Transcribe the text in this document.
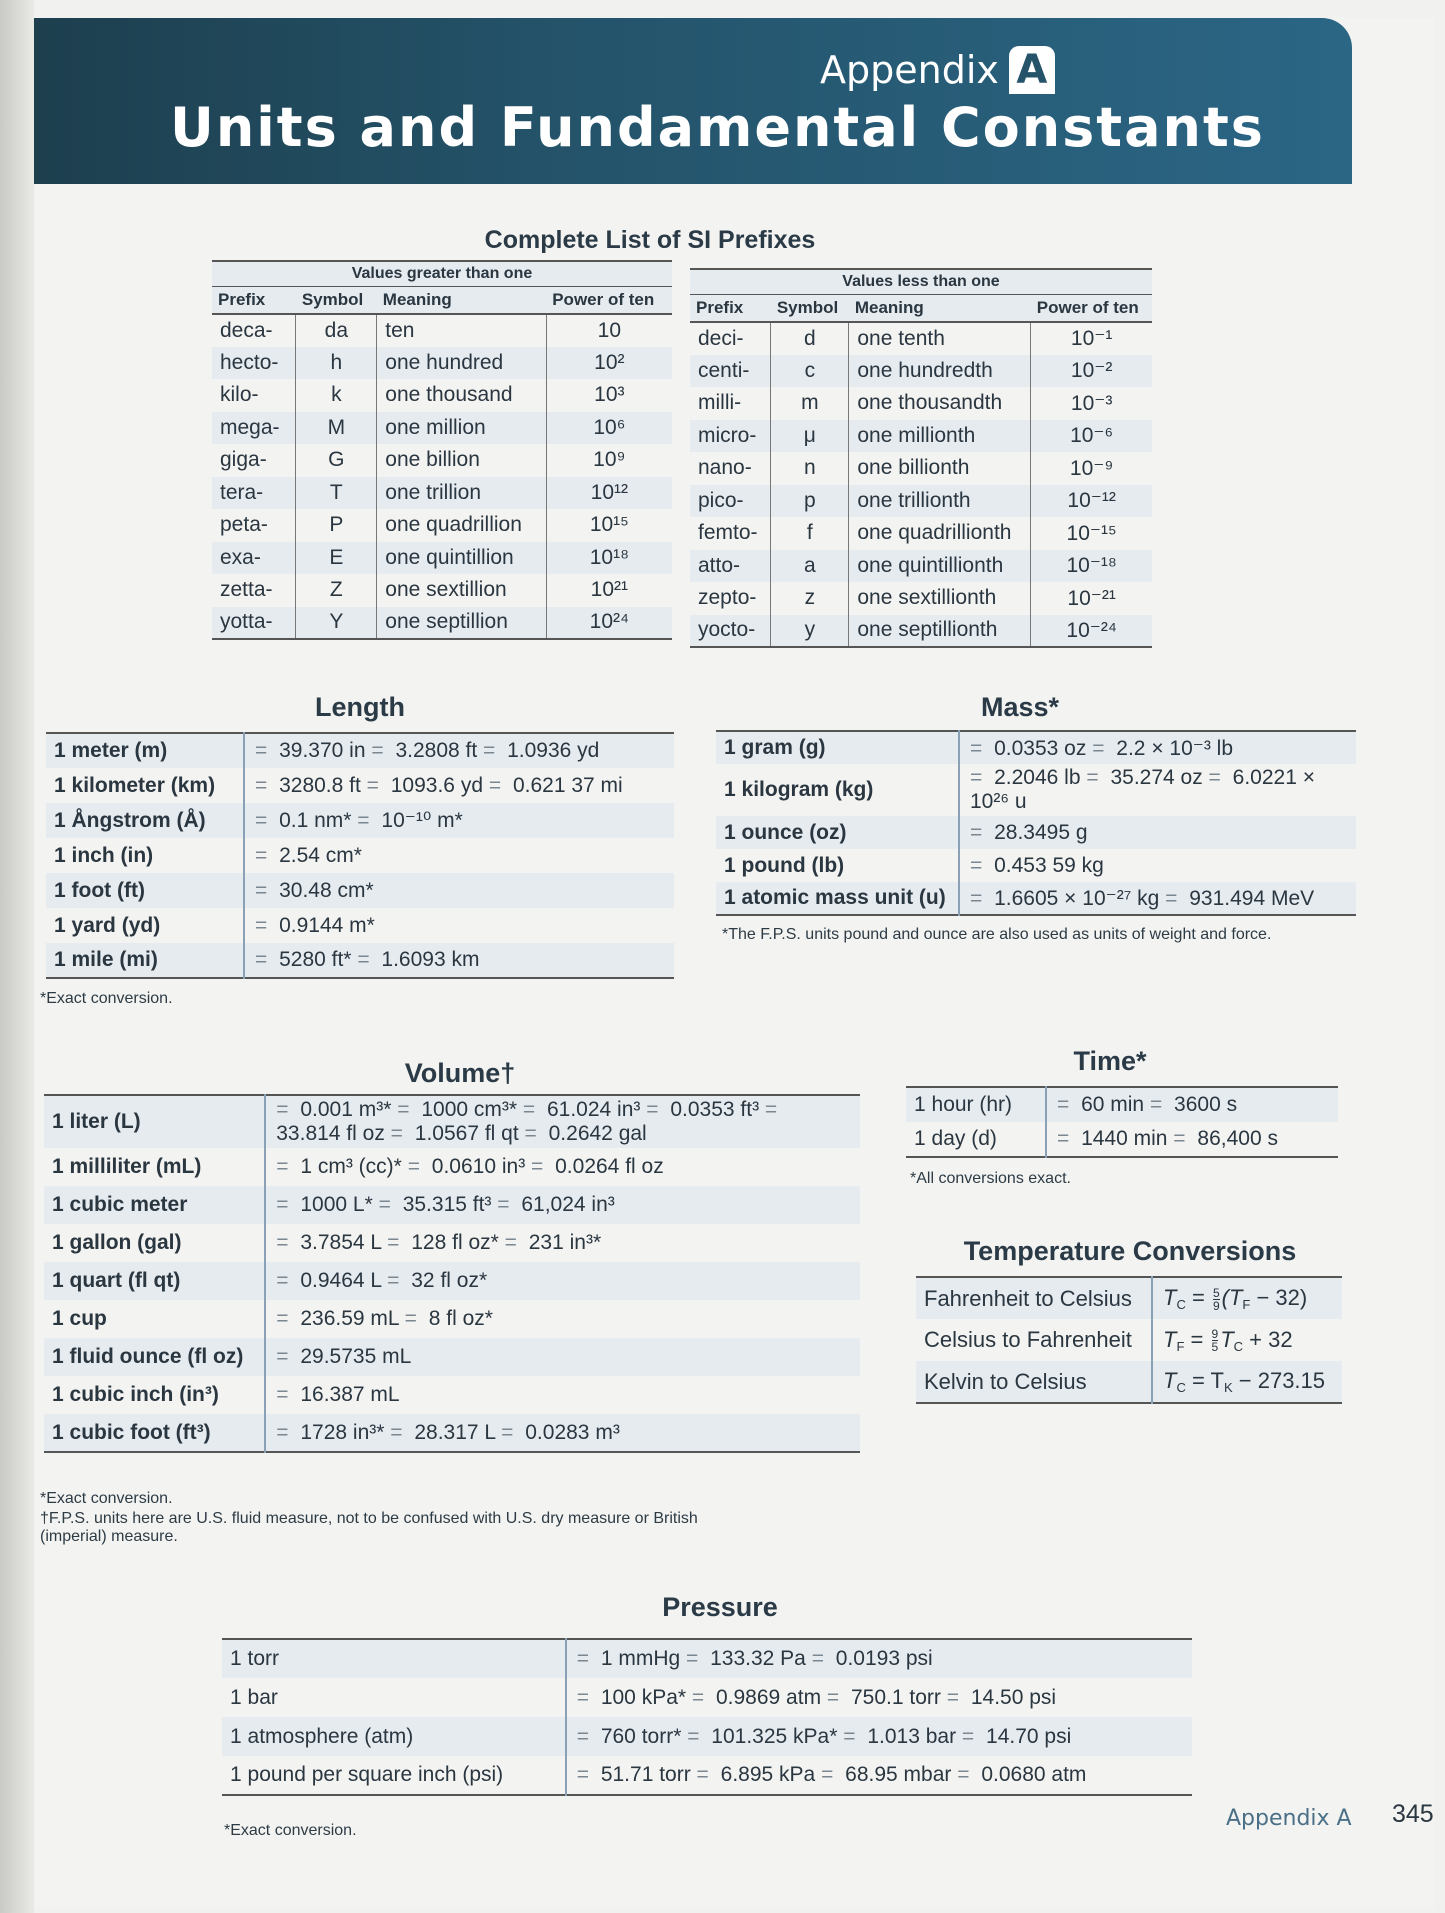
Appendix A
Units and Fundamental Constants
Complete List of SI Prefixes
Values greater than one			
Prefix	Symbol	Meaning	Power of ten
deca-	da	ten	10
hecto-	h	one hundred	10²
kilo-	k	one thousand	10³
mega-	M	one million	10⁶
giga-	G	one billion	10⁹
tera-	T	one trillion	10¹²
peta-	P	one quadrillion	10¹⁵
exa-	E	one quintillion	10¹⁸
zetta-	Z	one sextillion	10²¹
yotta-	Y	one septillion	10²⁴
Values less than one			
Prefix	Symbol	Meaning	Power of ten
deci-	d	one tenth	10⁻¹
centi-	c	one hundredth	10⁻²
milli-	m	one thousandth	10⁻³
micro-	μ	one millionth	10⁻⁶
nano-	n	one billionth	10⁻⁹
pico-	p	one trillionth	10⁻¹²
femto-	f	one quadrillionth	10⁻¹⁵
atto-	a	one quintillionth	10⁻¹⁸
zepto-	z	one sextillionth	10⁻²¹
yocto-	y	one septillionth	10⁻²⁴
Length
1 meter (m)	= 39.370 in = 3.2808 ft = 1.0936 yd
1 kilometer (km)	= 3280.8 ft = 1093.6 yd = 0.621 37 mi
1 Ångstrom (Å)	= 0.1 nm* = 10⁻¹⁰ m*
1 inch (in)	= 2.54 cm*
1 foot (ft)	= 30.48 cm*
1 yard (yd)	= 0.9144 m*
1 mile (mi)	= 5280 ft* = 1.6093 km
*Exact conversion.
Mass*
1 gram (g)	= 0.0353 oz = 2.2 × 10⁻³ lb
1 kilogram (kg)	= 2.2046 lb = 35.274 oz = 6.0221 × 10²⁶ u
1 ounce (oz)	= 28.3495 g
1 pound (lb)	= 0.453 59 kg
1 atomic mass unit (u)	= 1.6605 × 10⁻²⁷ kg = 931.494 MeV
*The F.P.S. units pound and ounce are also used as units of weight and force.
Volume†
1 liter (L)	= 0.001 m³* = 1000 cm³* = 61.024 in³ = 0.0353 ft³ = 33.814 fl oz = 1.0567 fl qt = 0.2642 gal
1 milliliter (mL)	= 1 cm³ (cc)* = 0.0610 in³ = 0.0264 fl oz
1 cubic meter	= 1000 L* = 35.315 ft³ = 61,024 in³
1 gallon (gal)	= 3.7854 L = 128 fl oz* = 231 in³*
1 quart (fl qt)	= 0.9464 L = 32 fl oz*
1 cup	= 236.59 mL = 8 fl oz*
1 fluid ounce (fl oz)	= 29.5735 mL
1 cubic inch (in³)	= 16.387 mL
1 cubic foot (ft³)	= 1728 in³* = 28.317 L = 0.0283 m³
*Exact conversion.
†F.P.S. units here are U.S. fluid measure, not to be confused with U.S. dry measure or British (imperial) measure.
Time*
1 hour (hr)	= 60 min = 3600 s
1 day (d)	= 1440 min = 86,400 s
*All conversions exact.
Temperature Conversions
Fahrenheit to Celsius	TC = $\frac{5}{9} (TF - 32)$
Celsius to Fahrenheit	TF = $\frac{9}{5}$ TC + 32
Kelvin to Celsius	TC = TK − 273.15
Pressure
1 torr	= 1 mmHg = 133.32 Pa = 0.0193 psi
1 bar	= 100 kPa* = 0.9869 atm = 750.1 torr = 14.50 psi
1 atmosphere (atm)	= 760 torr* = 101.325 kPa* = 1.013 bar = 14.70 psi
1 pound per square inch (psi)	= 51.71 torr = 6.895 kPa = 68.95 mbar = 0.0680 atm
*Exact conversion.	Appendix A 345
